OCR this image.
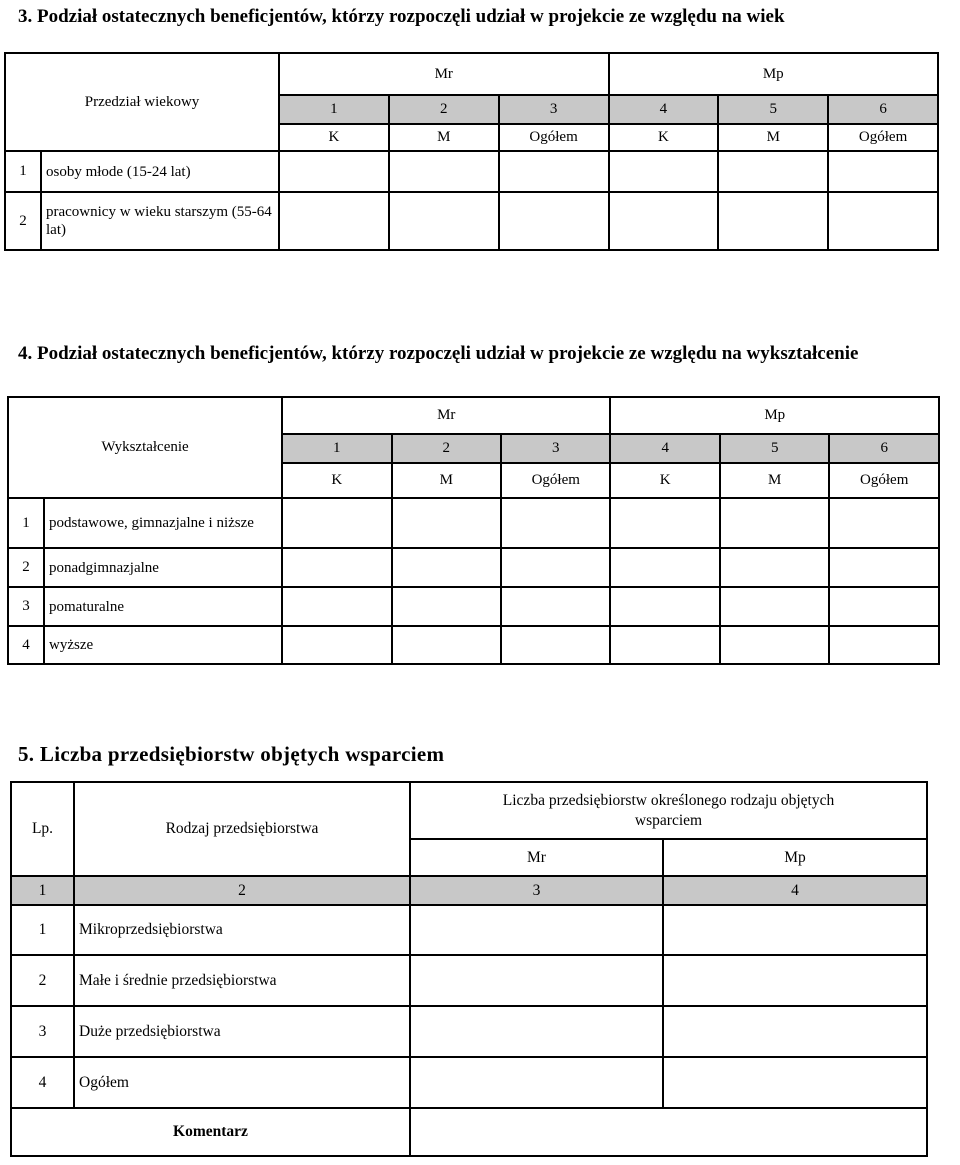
3. Podział ostatecznych beneficjentów, którzy rozpoczęli udział w projekcie ze względu na wiek
Przedział wiekowy		Mr			Mp		
		1	2	3	4	5	6
		K	M	Ogółem	K	M	Ogółem
1	osoby młode (15-24 lat)						
2	pracownicy w wieku starszym (55-64 lat)						
4. Podział ostatecznych beneficjentów, którzy rozpoczęli udział w projekcie ze względu na wykształcenie
Wykształcenie		Mr			Mp		
		1	2	3	4	5	6
		K	M	Ogółem	K	M	Ogółem
1	podstawowe, gimnazjalne i niższe						
2	ponadgimnazjalne						
3	pomaturalne						
4	wyższe						
5. Liczba przedsiębiorstw objętych wsparciem
Lp.	Rodzaj przedsiębiorstwa	Liczba przedsiębiorstw określonego rodzaju objętych wsparciem	
		Mr	Mp
1	2	3	4
1	Mikroprzedsiębiorstwa		
2	Małe i średnie przedsiębiorstwa		
3	Duże przedsiębiorstwa		
4	Ogółem		
Komentarz			
